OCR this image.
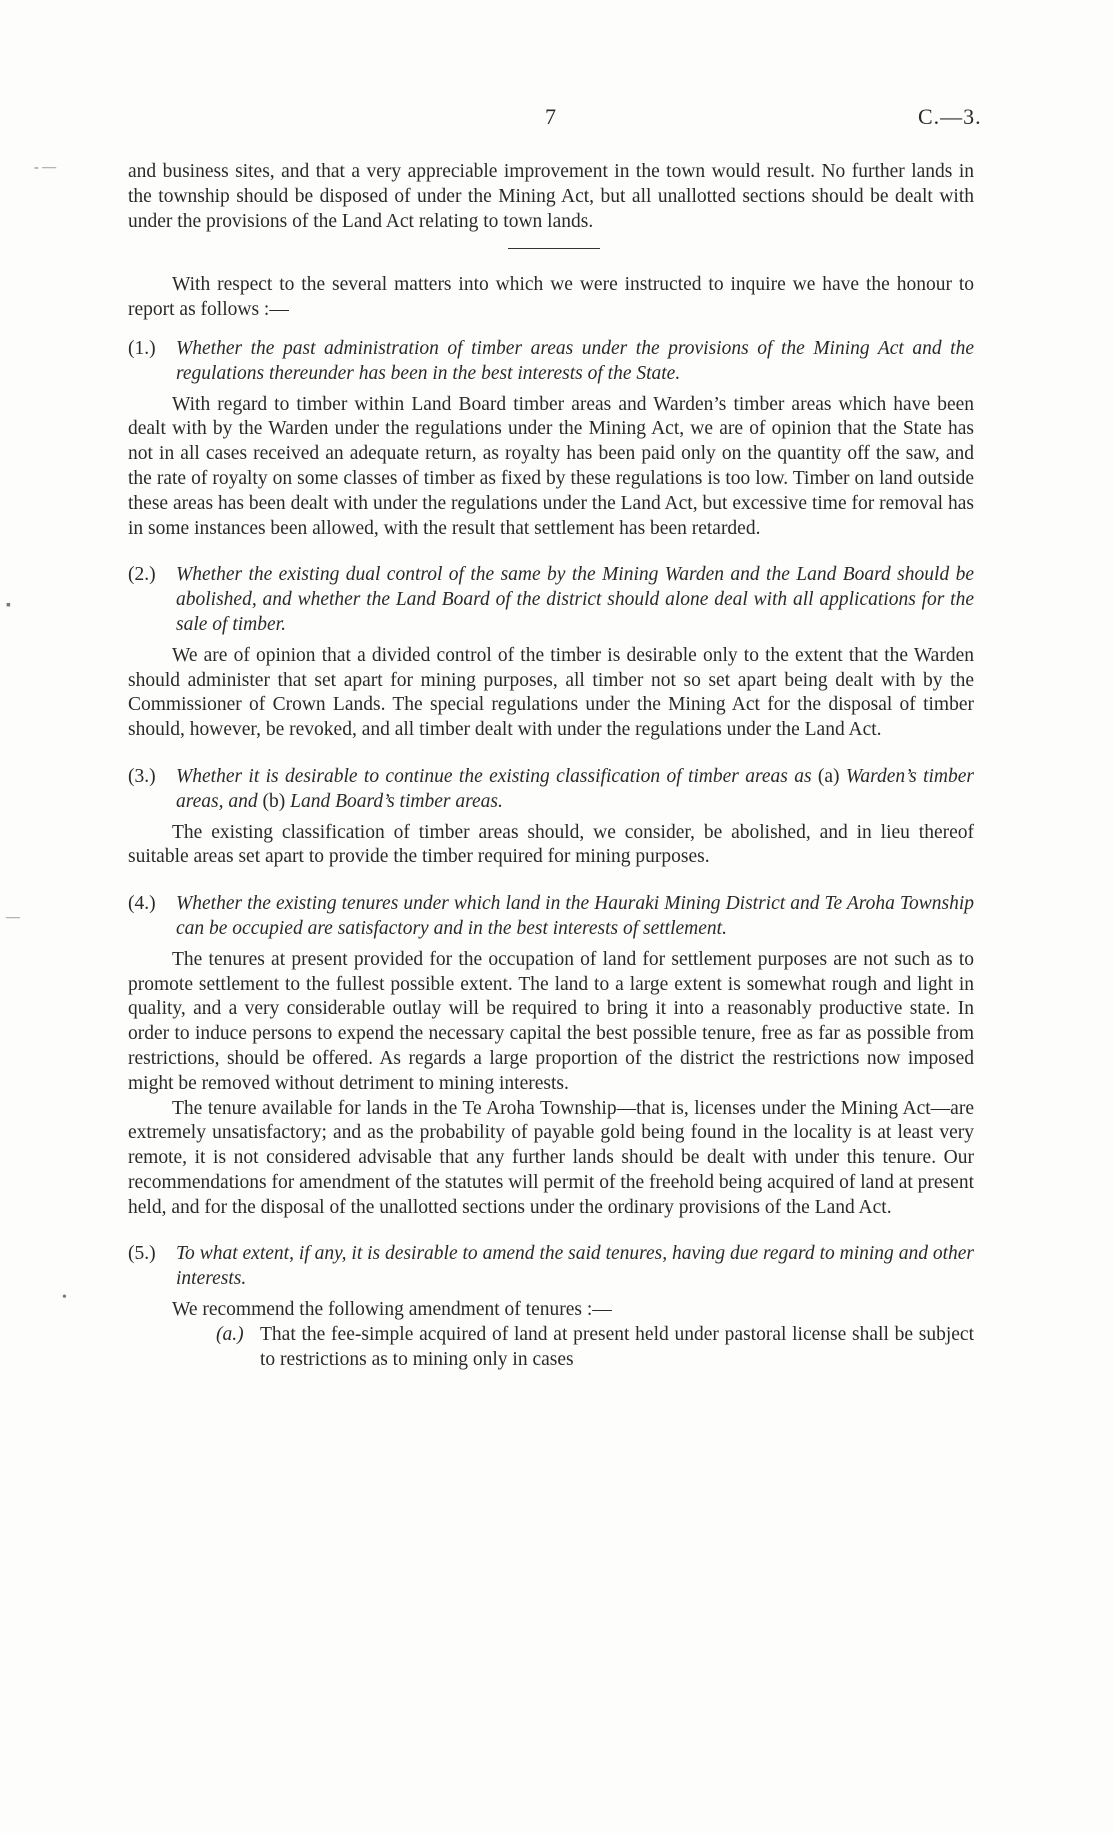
7	C.—3.

and business sites, and that a very appreciable improvement in the town would result. No further lands in the township should be disposed of under the Mining Act, but all unallotted sections should be dealt with under the provisions of the Land Act relating to town lands.

With respect to the several matters into which we were instructed to inquire we have the honour to report as follows :—

(1.)	Whether the past administration of timber areas under the provisions of the Mining Act and the regulations thereunder has been in the best interests of the State.

With regard to timber within Land Board timber areas and Warden’s timber areas which have been dealt with by the Warden under the regulations under the Mining Act, we are of opinion that the State has not in all cases received an adequate return, as royalty has been paid only on the quantity off the saw, and the rate of royalty on some classes of timber as fixed by these regulations is too low. Timber on land outside these areas has been dealt with under the regulations under the Land Act, but excessive time for removal has in some instances been allowed, with the result that settlement has been retarded.

(2.)	Whether the existing dual control of the same by the Mining Warden and the Land Board should be abolished, and whether the Land Board of the district should alone deal with all applications for the sale of timber.

We are of opinion that a divided control of the timber is desirable only to the extent that the Warden should administer that set apart for mining purposes, all timber not so set apart being dealt with by the Commissioner of Crown Lands. The special regulations under the Mining Act for the disposal of timber should, however, be revoked, and all timber dealt with under the regulations under the Land Act.

(3.)	Whether it is desirable to continue the existing classification of timber areas as (a) Warden’s timber areas, and (b) Land Board’s timber areas.

The existing classification of timber areas should, we consider, be abolished, and in lieu thereof suitable areas set apart to provide the timber required for mining purposes.

(4.)	Whether the existing tenures under which land in the Hauraki Mining District and Te Aroha Township can be occupied are satisfactory and in the best interests of settlement.

The tenures at present provided for the occupation of land for settlement purposes are not such as to promote settlement to the fullest possible extent. The land to a large extent is somewhat rough and light in quality, and a very considerable outlay will be required to bring it into a reasonably productive state. In order to induce persons to expend the necessary capital the best possible tenure, free as far as possible from restrictions, should be offered. As regards a large proportion of the district the restrictions now imposed might be removed without detriment to mining interests.

The tenure available for lands in the Te Aroha Township—that is, licenses under the Mining Act—are extremely unsatisfactory; and as the probability of payable gold being found in the locality is at least very remote, it is not considered advisable that any further lands should be dealt with under this tenure. Our recommendations for amendment of the statutes will permit of the freehold being acquired of land at present held, and for the disposal of the unallotted sections under the ordinary provisions of the Land Act.

(5.)	To what extent, if any, it is desirable to amend the said tenures, having due regard to mining and other interests.

We recommend the following amendment of tenures :—

(a.) That the fee-simple acquired of land at present held under pastoral license shall be subject to restrictions as to mining only in cases
- —
▪
—
•
